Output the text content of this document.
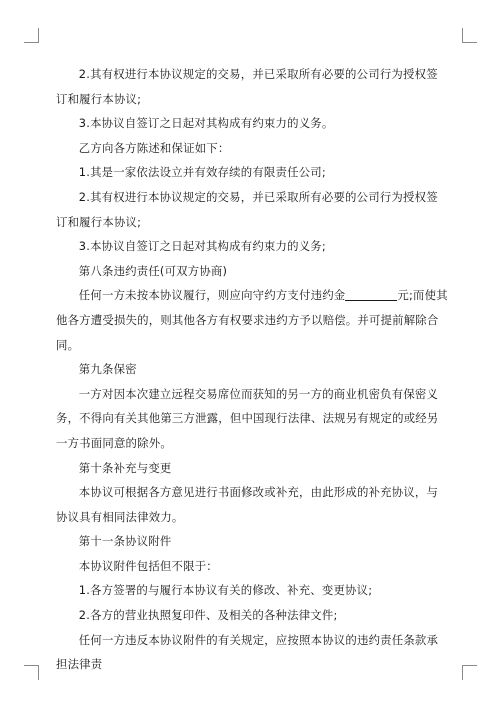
2.其有权进行本协议规定的交易，并已采取所有必要的公司行为授权签订和履行本协议;

3.本协议自签订之日起对其构成有约束力的义务。

乙方向各方陈述和保证如下：

1.其是一家依法设立并有效存续的有限责任公司;

2.其有权进行本协议规定的交易，并已采取所有必要的公司行为授权签订和履行本协议;

3.本协议自签订之日起对其构成有约束力的义务;

第八条违约责任(可双方协商)

任何一方未按本协议履行，则应向守约方支付违约金	元;而使其他各方遭受损失的，则其他各方有权要求违约方予以赔偿。并可提前解除合同。

第九条保密

一方对因本次建立远程交易席位而获知的另一方的商业机密负有保密义务，不得向有关其他第三方泄露，但中国现行法律、法规另有规定的或经另一方书面同意的除外。

第十条补充与变更

本协议可根据各方意见进行书面修改或补充，由此形成的补充协议，与协议具有相同法律效力。

第十一条协议附件

本协议附件包括但不限于：

1.各方签署的与履行本协议有关的修改、补充、变更协议;

2.各方的营业执照复印件、及相关的各种法律文件;

任何一方违反本协议附件的有关规定，应按照本协议的违约责任条款承担法律责
